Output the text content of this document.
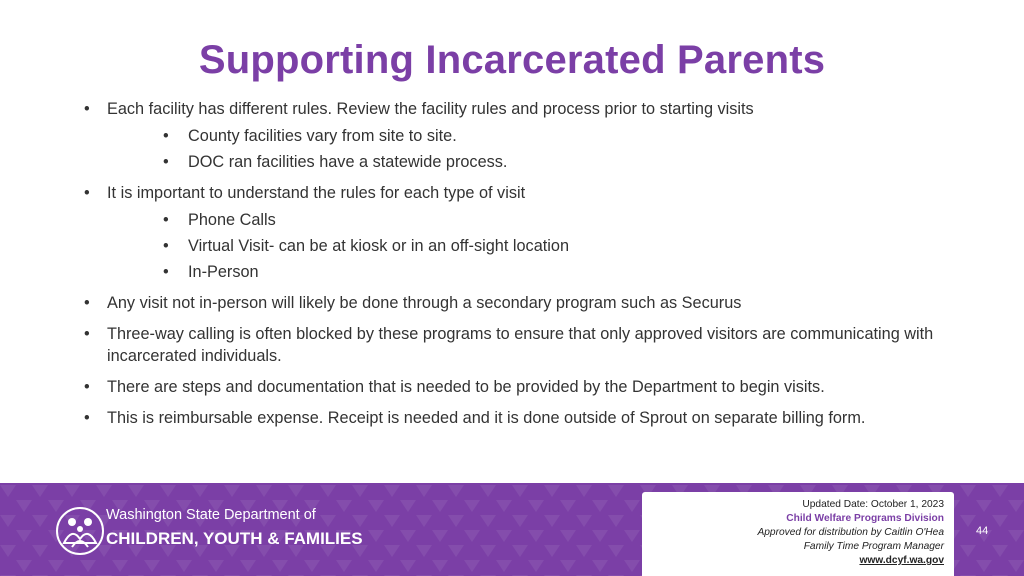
Supporting Incarcerated Parents
• Each facility has different rules. Review the facility rules and process prior to starting visits
• County facilities vary from site to site.
• DOC ran facilities have a statewide process.
• It is important to understand the rules for each type of visit
• Phone Calls
• Virtual Visit- can be at kiosk or in an off-sight location
• In-Person
• Any visit not in-person will likely be done through a secondary program such as Securus
• Three-way calling is often blocked by these programs to ensure that only approved visitors are communicating with incarcerated individuals.
• There are steps and documentation that is needed to be provided by the Department to begin visits.
• This is reimbursable expense. Receipt is needed and it is done outside of Sprout on separate billing form.
Washington State Department of
CHILDREN, YOUTH & FAMILIES
Updated Date: October 1, 2023
Child Welfare Programs Division
Approved for distribution by Caitlin O'Hea
Family Time Program Manager
www.dcyf.wa.gov
44
